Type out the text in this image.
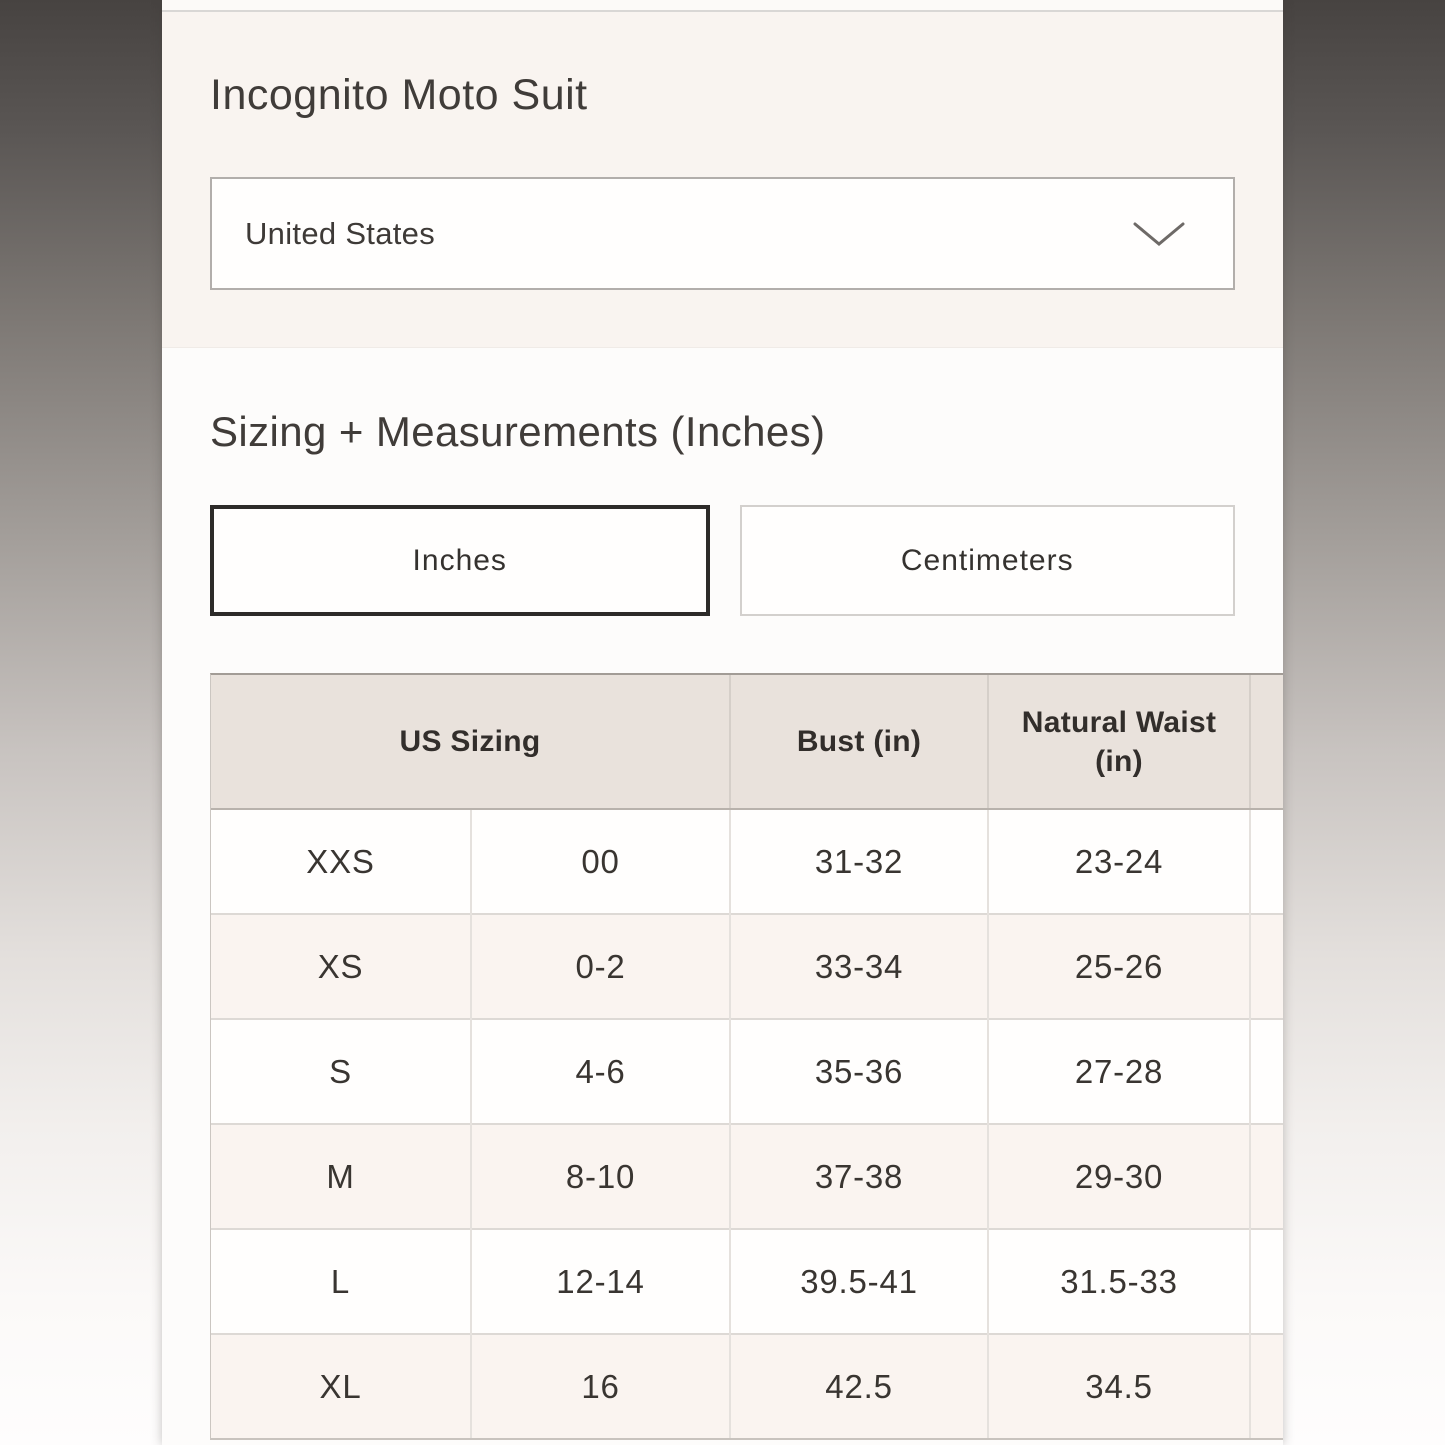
Incognito Moto Suit
United States
Sizing + Measurements (Inches)
Inches	Centimeters
US Sizing		Bust (in)	Natural Waist (in)	
XXS	00	31-32	23-24	
XS	0-2	33-34	25-26	
S	4-6	35-36	27-28	
M	8-10	37-38	29-30	
L	12-14	39.5-41	31.5-33	
XL	16	42.5	34.5	
